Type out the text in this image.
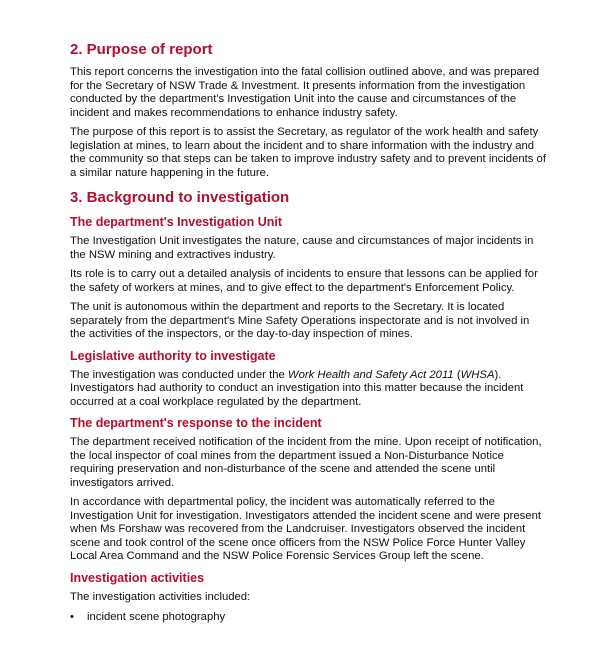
2. Purpose of report

This report concerns the investigation into the fatal collision outlined above, and was prepared for the Secretary of NSW Trade & Investment. It presents information from the investigation conducted by the department's Investigation Unit into the cause and circumstances of the incident and makes recommendations to enhance industry safety.

The purpose of this report is to assist the Secretary, as regulator of the work health and safety legislation at mines, to learn about the incident and to share information with the industry and the community so that steps can be taken to improve industry safety and to prevent incidents of a similar nature happening in the future.

3. Background to investigation
The department's Investigation Unit

The Investigation Unit investigates the nature, cause and circumstances of major incidents in the NSW mining and extractives industry.

Its role is to carry out a detailed analysis of incidents to ensure that lessons can be applied for the safety of workers at mines, and to give effect to the department's Enforcement Policy.

The unit is autonomous within the department and reports to the Secretary. It is located separately from the department's Mine Safety Operations inspectorate and is not involved in the activities of the inspectors, or the day-to-day inspection of mines.

Legislative authority to investigate

The investigation was conducted under the Work Health and Safety Act 2011 (WHSA). Investigators had authority to conduct an investigation into this matter because the incident occurred at a coal workplace regulated by the department.

The department's response to the incident

The department received notification of the incident from the mine. Upon receipt of notification, the local inspector of coal mines from the department issued a Non-Disturbance Notice requiring preservation and non-disturbance of the scene and attended the scene until investigators arrived.

In accordance with departmental policy, the incident was automatically referred to the Investigation Unit for investigation. Investigators attended the incident scene and were present when Ms Forshaw was recovered from the Landcruiser. Investigators observed the incident scene and took control of the scene once officers from the NSW Police Force Hunter Valley Local Area Command and the NSW Police Forensic Services Group left the scene.

Investigation activities

The investigation activities included:

• incident scene photography
